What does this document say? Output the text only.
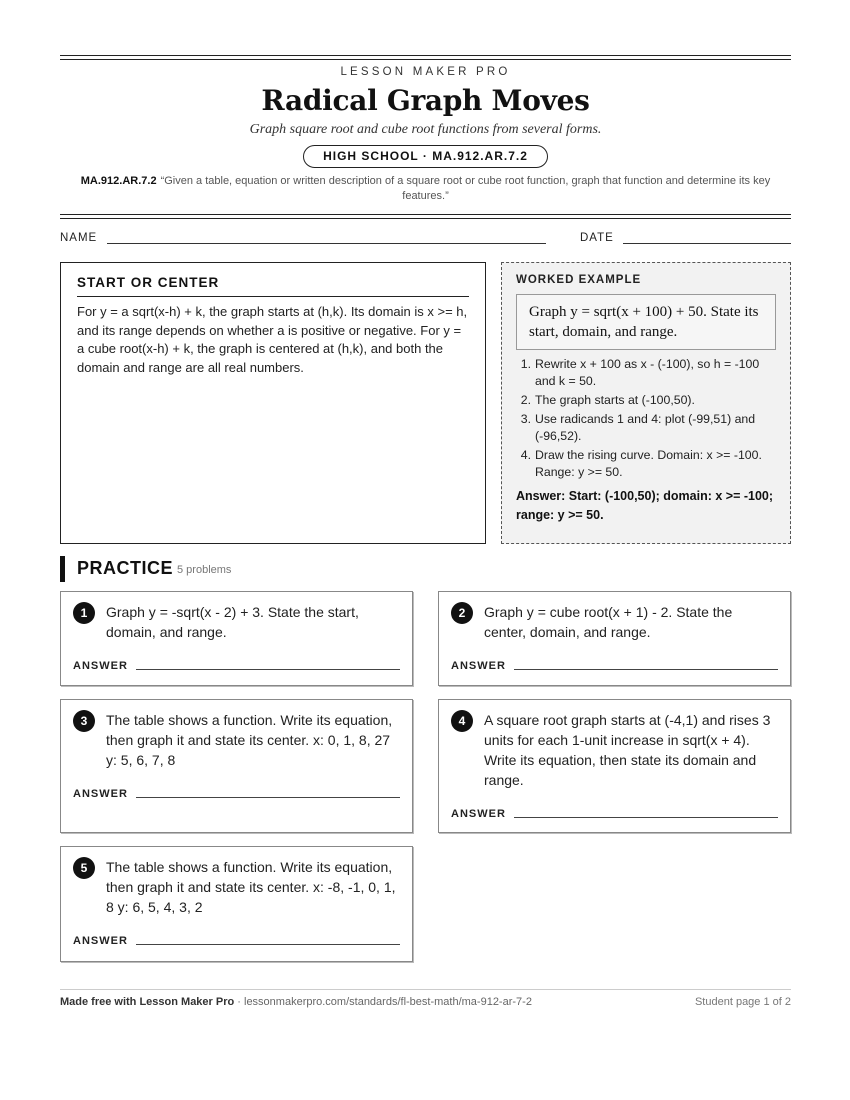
LESSON MAKER PRO
Radical Graph Moves
Graph square root and cube root functions from several forms.
HIGH SCHOOL · MA.912.AR.7.2
MA.912.AR.7.2 “Given a table, equation or written description of a square root or cube root function, graph that function and determine its key features.”
NAME	DATE
START OR CENTER

For y = a sqrt(x-h) + k, the graph starts at (h,k). Its domain is x >= h, and its range depends on whether a is positive or negative. For y = a cube root(x-h) + k, the graph is centered at (h,k), and both the domain and range are all real numbers.

WORKED EXAMPLE
Graph y = sqrt(x + 100) + 50. State its start, domain, and range.
1. Rewrite x + 100 as x - (-100), so h = -100 and k = 50.
2. The graph starts at (-100,50).
3. Use radicands 1 and 4: plot (-99,51) and (-96,52).
4. Draw the rising curve. Domain: x >= -100. Range: y >= 50.
Answer: Start: (-100,50); domain: x >= -100; range: y >= 50.
PRACTICE 5 problems
1	Graph y = -sqrt(x - 2) + 3. State the start, domain, and range.
ANSWER
2	Graph y = cube root(x + 1) - 2. State the center, domain, and range.
ANSWER
3	The table shows a function. Write its equation, then graph it and state its center. x: 0, 1, 8, 27 y: 5, 6, 7, 8
ANSWER
4	A square root graph starts at (-4,1) and rises 3 units for each 1-unit increase in sqrt(x + 4). Write its equation, then state its domain and range.
ANSWER
5	The table shows a function. Write its equation, then graph it and state its center. x: -8, -1, 0, 1, 8 y: 6, 5, 4, 3, 2
ANSWER
Made free with Lesson Maker Pro · lessonmakerpro.com/standards/fl-best-math/ma-912-ar-7-2	Student page 1 of 2
